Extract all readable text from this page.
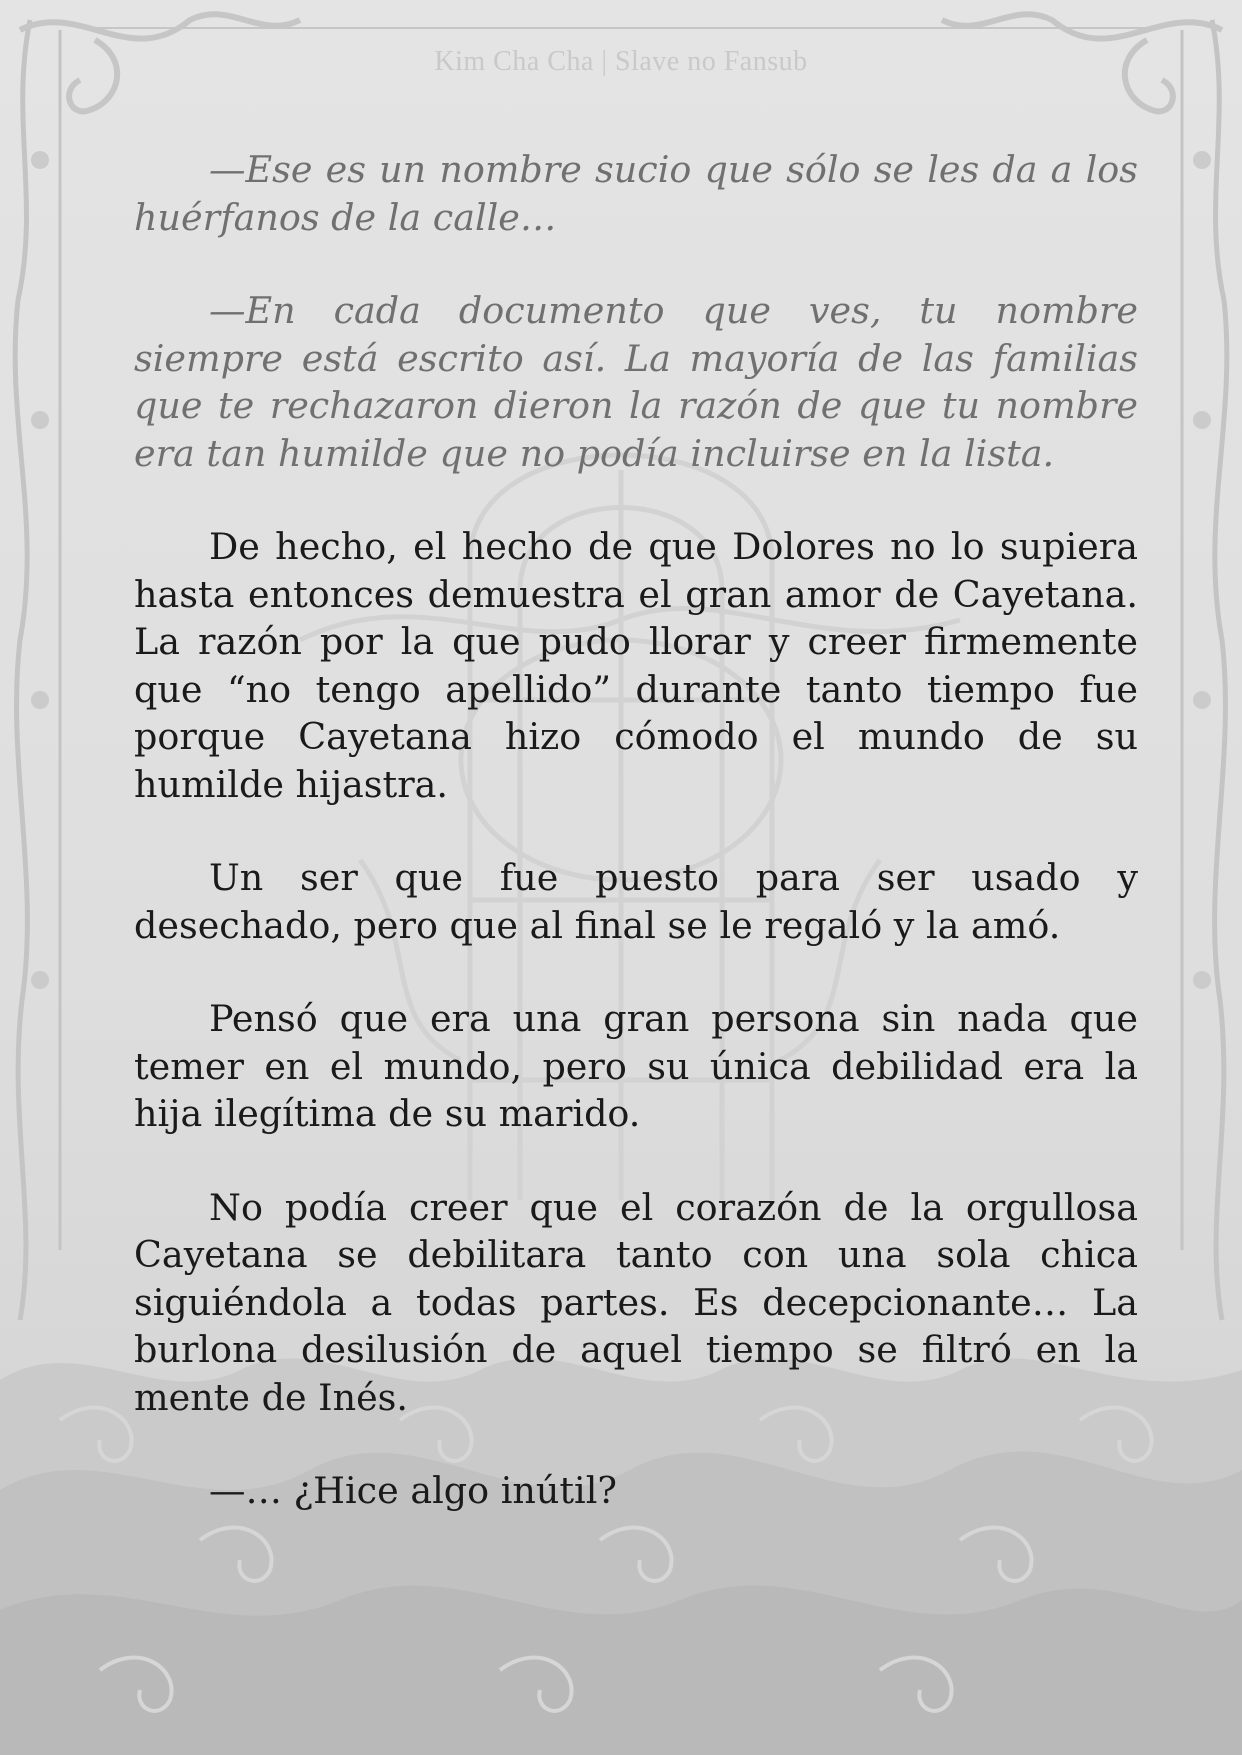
Kim Cha Cha | Slave no Fansub

—Ese es un nombre sucio que sólo se les da a los huérfanos de la calle…

—En cada documento que ves, tu nombre siempre está escrito así. La mayoría de las familias que te rechazaron dieron la razón de que tu nombre era tan humilde que no podía incluirse en la lista.

De hecho, el hecho de que Dolores no lo supiera hasta entonces demuestra el gran amor de Cayetana. La razón por la que pudo llorar y creer firmemente que “no tengo apellido” durante tanto tiempo fue porque Cayetana hizo cómodo el mundo de su humilde hijastra.

Un ser que fue puesto para ser usado y desechado, pero que al final se le regaló y la amó.

Pensó que era una gran persona sin nada que temer en el mundo, pero su única debilidad era la hija ilegítima de su marido.

No podía creer que el corazón de la orgullosa Cayetana se debilitara tanto con una sola chica siguiéndola a todas partes. Es decepcionante… La burlona desilusión de aquel tiempo se filtró en la mente de Inés.

—… ¿Hice algo inútil?
